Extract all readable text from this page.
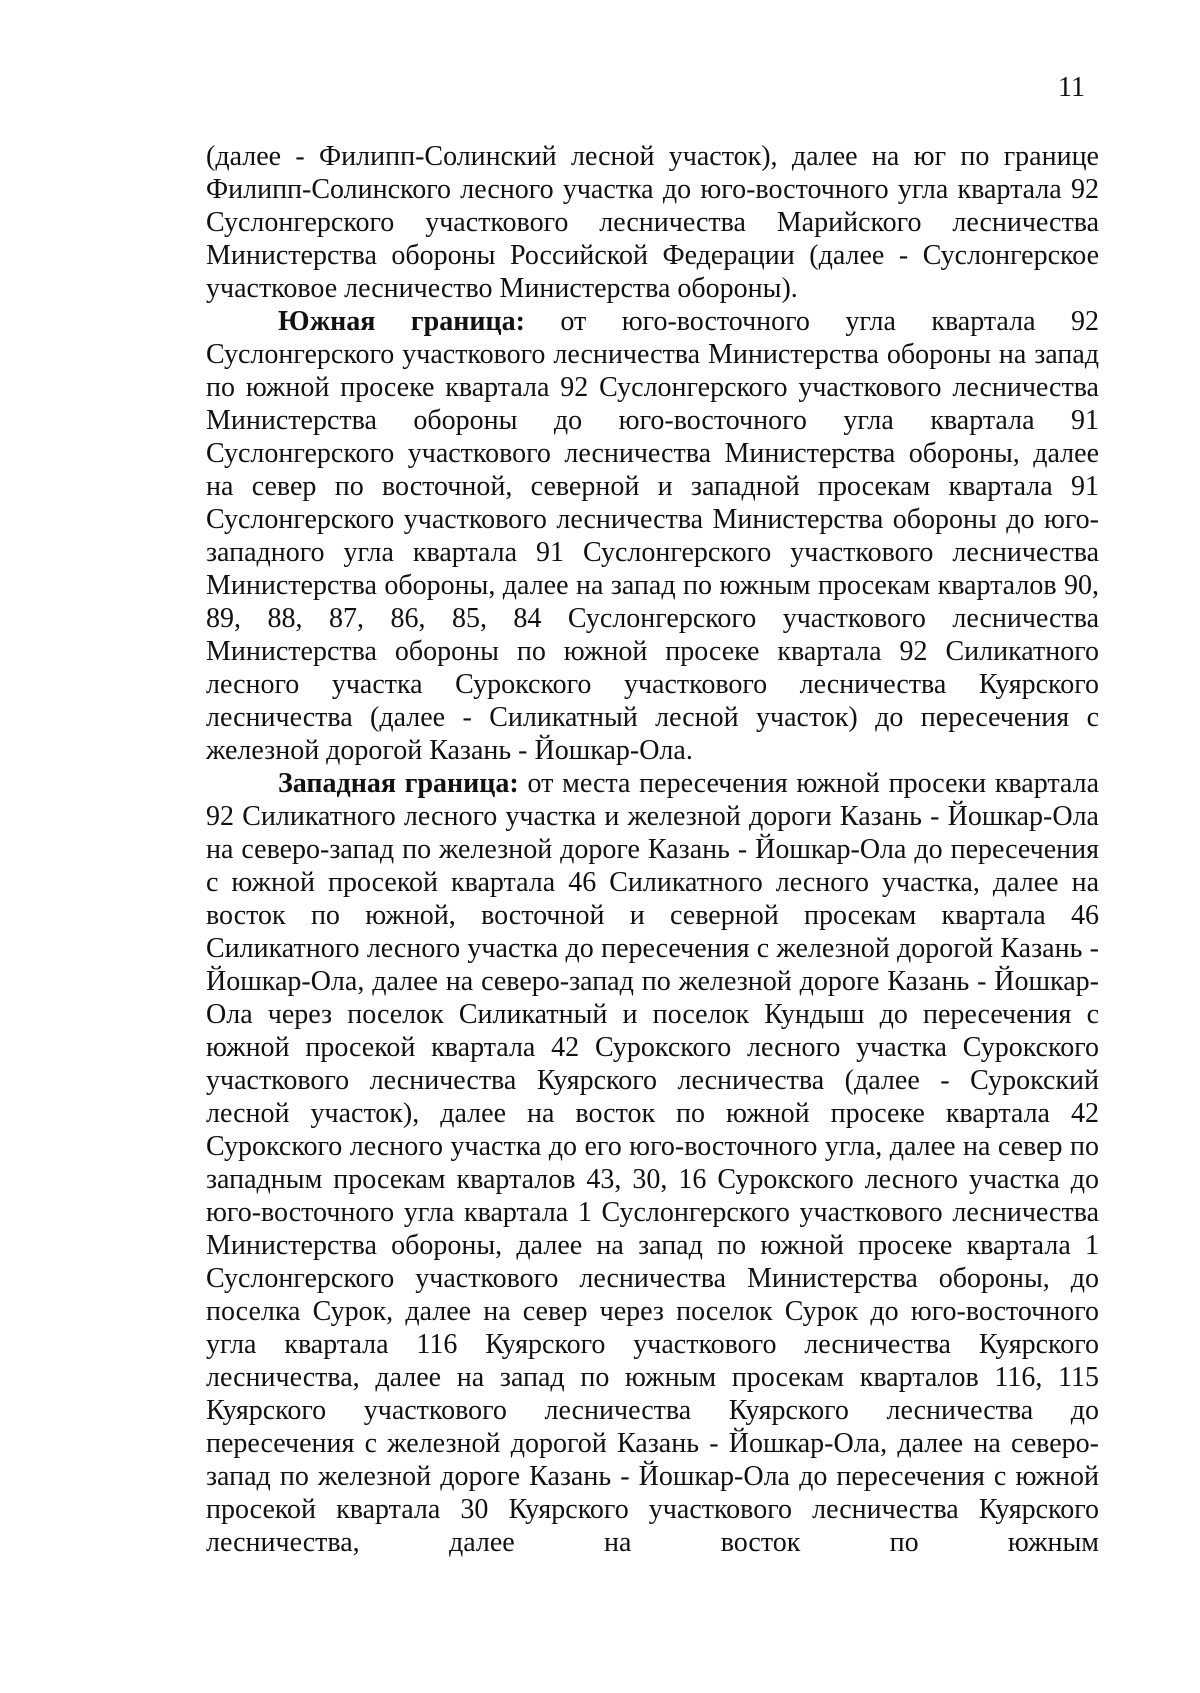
11

(далее - Филипп-Солинский лесной участок), далее на юг по границе Филипп-Солинского лесного участка до юго-восточного угла квартала 92 Суслонгерского участкового лесничества Марийского лесничества Министерства обороны Российской Федерации (далее - Суслонгерское участковое лесничество Министерства обороны).

Южная граница: от юго-восточного угла квартала 92 Суслонгерского участкового лесничества Министерства обороны на запад по южной просеке квартала 92 Суслонгерского участкового лесничества Министерства обороны до юго-восточного угла квартала 91 Суслонгерского участкового лесничества Министерства обороны, далее на север по восточной, северной и западной просекам квартала 91 Суслонгерского участкового лесничества Министерства обороны до юго-западного угла квартала 91 Суслонгерского участкового лесничества Министерства обороны, далее на запад по южным просекам кварталов 90, 89, 88, 87, 86, 85, 84 Суслонгерского участкового лесничества Министерства обороны по южной просеке квартала 92 Силикатного лесного участка Сурокского участкового лесничества Куярского лесничества (далее - Силикатный лесной участок) до пересечения с железной дорогой Казань - Йошкар-Ола.

Западная граница: от места пересечения южной просеки квартала 92 Силикатного лесного участка и железной дороги Казань - Йошкар-Ола на северо-запад по железной дороге Казань - Йошкар-Ола до пересечения с южной просекой квартала 46 Силикатного лесного участка, далее на восток по южной, восточной и северной просекам квартала 46 Силикатного лесного участка до пересечения с железной дорогой Казань - Йошкар-Ола, далее на северо-запад по железной дороге Казань - Йошкар-Ола через поселок Силикатный и поселок Кундыш до пересечения с южной просекой квартала 42 Сурокского лесного участка Сурокского участкового лесничества Куярского лесничества (далее - Сурокский лесной участок), далее на восток по южной просеке квартала 42 Сурокского лесного участка до его юго-восточного угла, далее на север по западным просекам кварталов 43, 30, 16 Сурокского лесного участка до юго-восточного угла квартала 1 Суслонгерского участкового лесничества Министерства обороны, далее на запад по южной просеке квартала 1 Суслонгерского участкового лесничества Министерства обороны, до поселка Сурок, далее на север через поселок Сурок до юго-восточного угла квартала 116 Куярского участкового лесничества Куярского лесничества, далее на запад по южным просекам кварталов 116, 115 Куярского участкового лесничества Куярского лесничества до пересечения с железной дорогой Казань - Йошкар-Ола, далее на северо-запад по железной дороге Казань - Йошкар-Ола до пересечения с южной просекой квартала 30 Куярского участкового лесничества Куярского лесничества, далее на восток по южным
